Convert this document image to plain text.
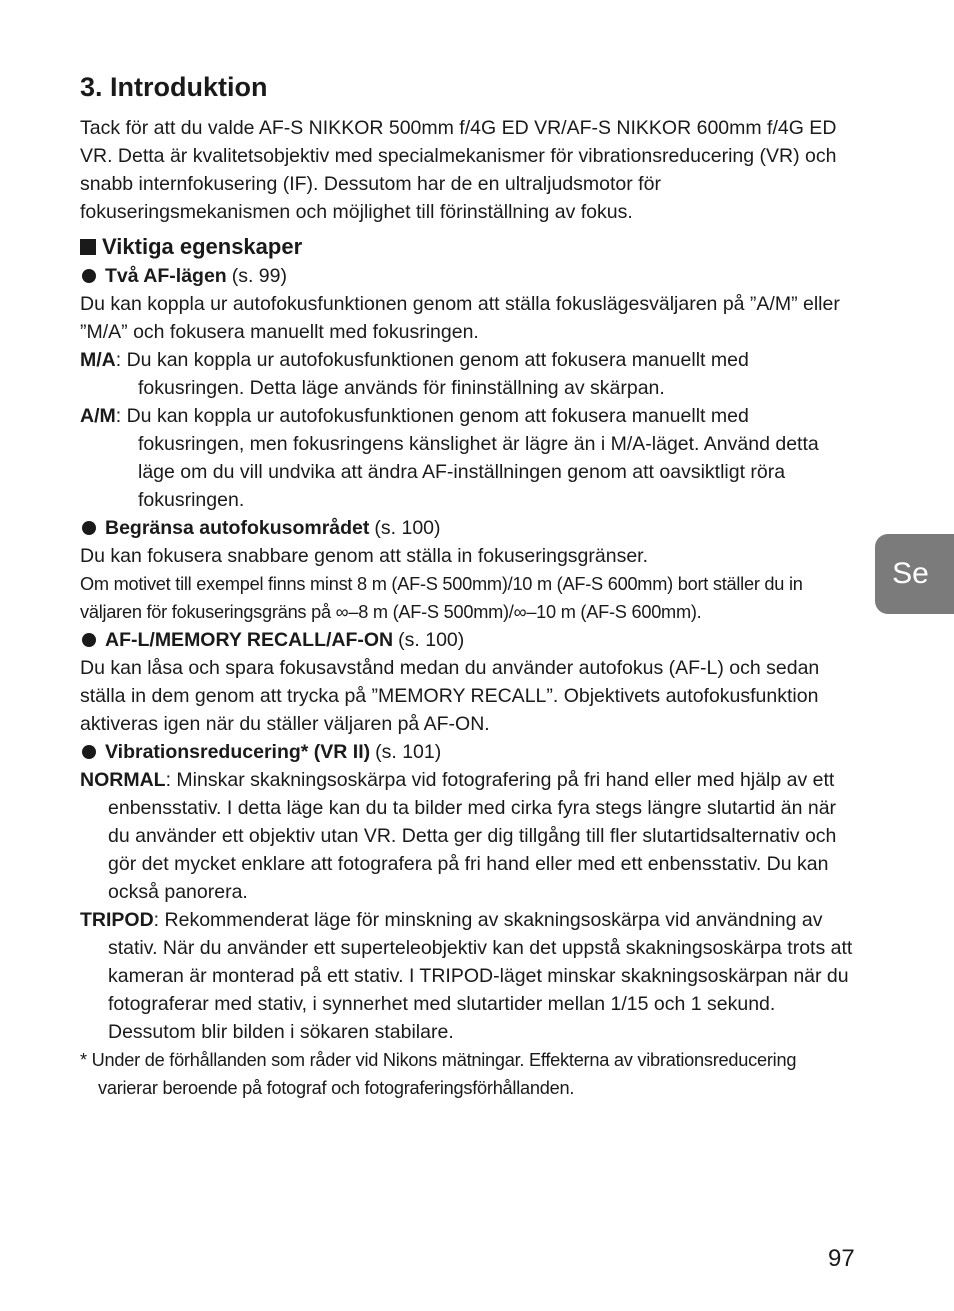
3. Introduktion

Tack för att du valde AF-S NIKKOR 500mm f/4G ED VR/AF-S NIKKOR 600mm f/4G ED VR. Detta är kvalitetsobjektiv med specialmekanismer för vibrationsreducering (VR) och snabb internfokusering (IF). Dessutom har de en ultraljudsmotor för fokuseringsmekanismen och möjlighet till förinställning av fokus.

Viktiga egenskaper
Två AF-lägen (s. 99)

Du kan koppla ur autofokusfunktionen genom att ställa fokuslägesväljaren på ”A/M” eller ”M/A” och fokusera manuellt med fokusringen.

M/A: Du kan koppla ur autofokusfunktionen genom att fokusera manuellt med fokusringen. Detta läge används för fininställning av skärpan.
A/M: Du kan koppla ur autofokusfunktionen genom att fokusera manuellt med fokusringen, men fokusringens känslighet är lägre än i M/A-läget. Använd detta läge om du vill undvika att ändra AF-inställningen genom att oavsiktligt röra fokusringen.
Begränsa autofokusområdet (s. 100)

Du kan fokusera snabbare genom att ställa in fokuseringsgränser.

Om motivet till exempel finns minst 8 m (AF-S 500mm)/10 m (AF-S 600mm) bort ställer du in väljaren för fokuseringsgräns på ∞–8 m (AF-S 500mm)/∞–10 m (AF-S 600mm).

AF-L/MEMORY RECALL/AF-ON (s. 100)

Du kan låsa och spara fokusavstånd medan du använder autofokus (AF-L) och sedan ställa in dem genom att trycka på ”MEMORY RECALL”. Objektivets autofokusfunktion aktiveras igen när du ställer väljaren på AF-ON.

Vibrationsreducering* (VR II) (s. 101)
NORMAL: Minskar skakningsoskärpa vid fotografering på fri hand eller med hjälp av ett enbensstativ. I detta läge kan du ta bilder med cirka fyra stegs längre slutartid än när du använder ett objektiv utan VR. Detta ger dig tillgång till fler slutartidsalternativ och gör det mycket enklare att fotografera på fri hand eller med ett enbensstativ. Du kan också panorera.
TRIPOD: Rekommenderat läge för minskning av skakningsoskärpa vid användning av stativ. När du använder ett superteleobjektiv kan det uppstå skakningsoskärpa trots att kameran är monterad på ett stativ. I TRIPOD-läget minskar skakningsoskärpan när du fotograferar med stativ, i synnerhet med slutartider mellan 1/15 och 1 sekund. Dessutom blir bilden i sökaren stabilare.

* Under de förhållanden som råder vid Nikons mätningar. Effekterna av vibrationsreducering varierar beroende på fotograf och fotograferingsförhållanden.

Se
97
